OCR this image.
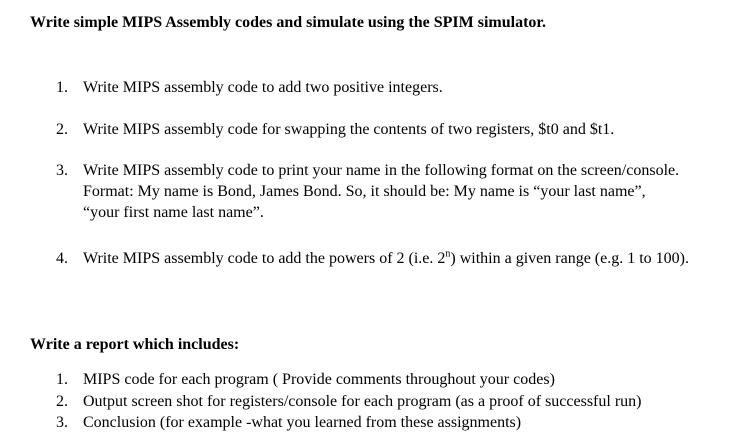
Write simple MIPS Assembly codes and simulate using the SPIM simulator.
1. Write MIPS assembly code to add two positive integers.
2. Write MIPS assembly code for swapping the contents of two registers, $t0 and $t1.
3. Write MIPS assembly code to print your name in the following format on the screen/console. Format: My name is Bond, James Bond. So, it should be: My name is “your last name”, “your first name last name”.
4. Write MIPS assembly code to add the powers of 2 (i.e. 2$^n$) within a given range (e.g. 1 to 100).
Write a report which includes:
1. MIPS code for each program ( Provide comments throughout your codes)
2. Output screen shot for registers/console for each program (as a proof of successful run)
3. Conclusion (for example -what you learned from these assignments)
